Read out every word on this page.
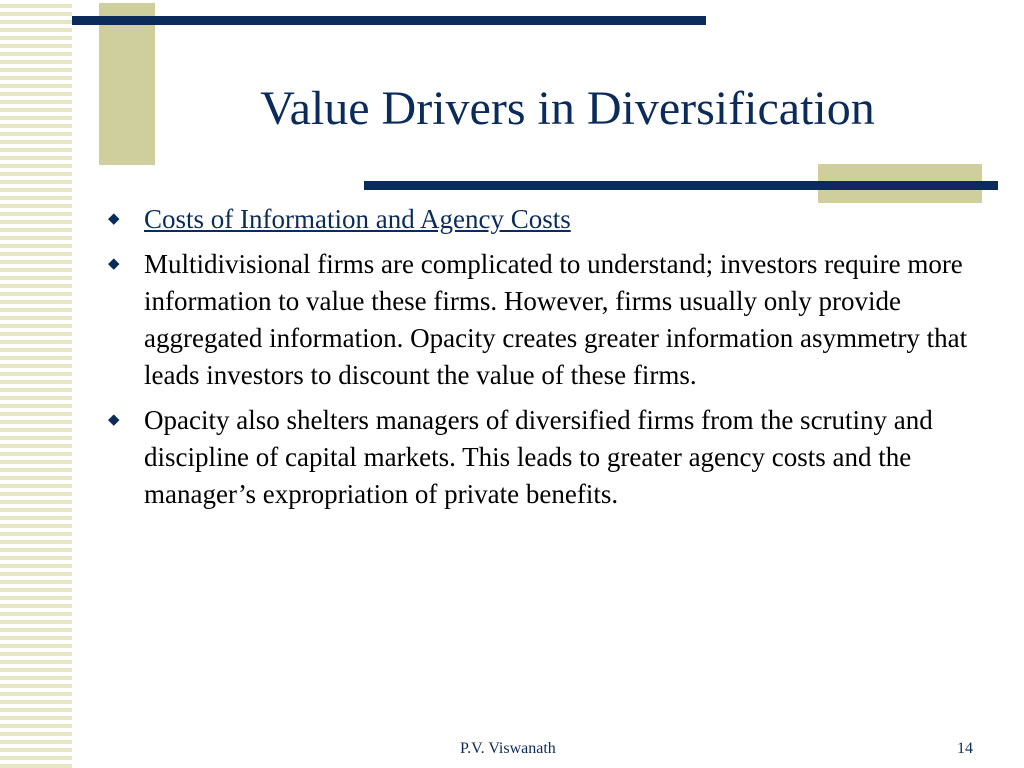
Value Drivers in Diversification
◆ Costs of Information and Agency Costs
◆ Multidivisional firms are complicated to understand; investors require more information to value these firms. However, firms usually only provide aggregated information. Opacity creates greater information asymmetry that leads investors to discount the value of these firms.
◆ Opacity also shelters managers of diversified firms from the scrutiny and discipline of capital markets. This leads to greater agency costs and the manager’s expropriation of private benefits.
P.V. Viswanath	14
